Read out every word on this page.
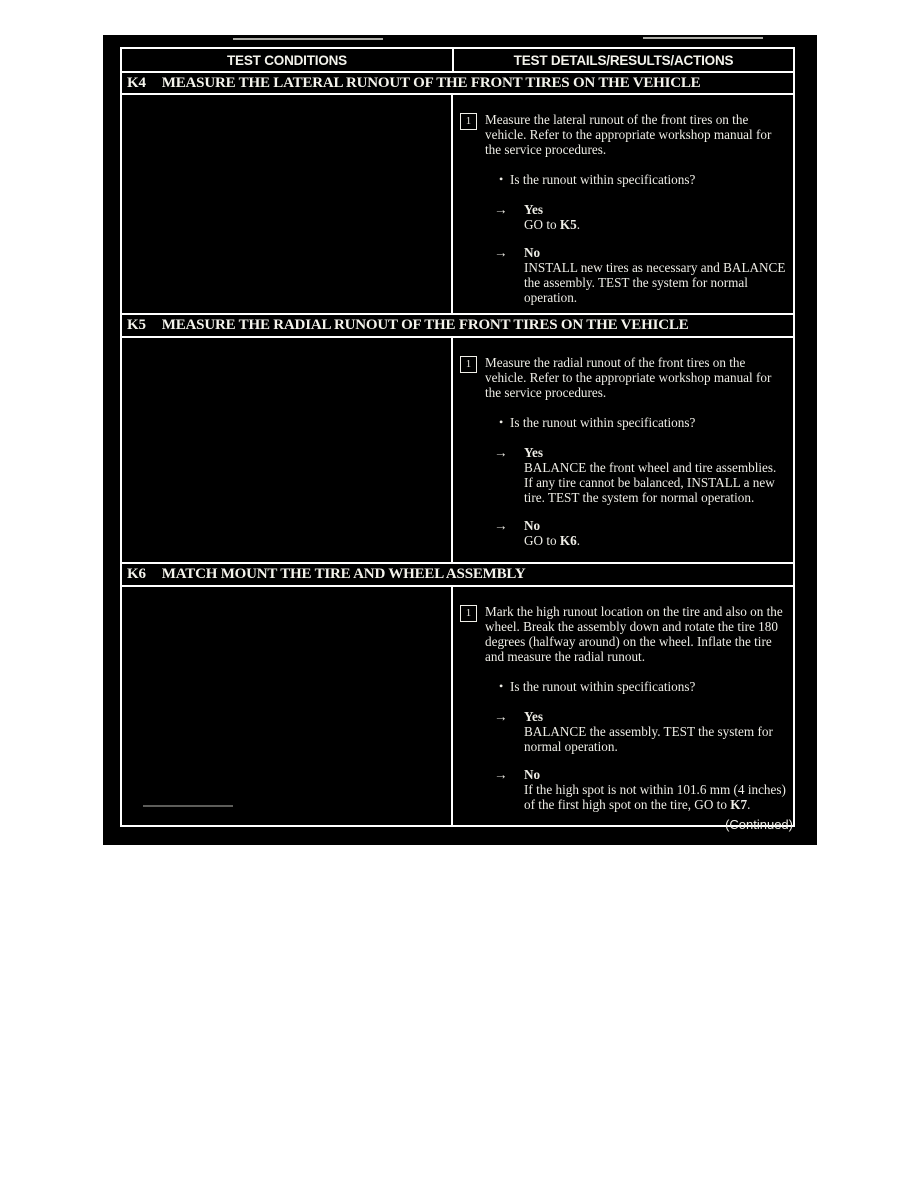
TEST CONDITIONS	TEST DETAILS/RESULTS/ACTIONS
K4 MEASURE THE LATERAL RUNOUT OF THE FRONT TIRES ON THE VEHICLE
1	Measure the lateral runout of the front tires on the vehicle. Refer to the appropriate workshop manual for the service procedures.
• Is the runout within specifications?
→	Yes
GO to K5.
→	No
INSTALL new tires as necessary and BALANCE the assembly. TEST the system for normal operation.
K5 MEASURE THE RADIAL RUNOUT OF THE FRONT TIRES ON THE VEHICLE
1	Measure the radial runout of the front tires on the vehicle. Refer to the appropriate workshop manual for the service procedures.
• Is the runout within specifications?
→	Yes
BALANCE the front wheel and tire assemblies. If any tire cannot be balanced, INSTALL a new tire. TEST the system for normal operation.
→	No
GO to K6.
K6 MATCH MOUNT THE TIRE AND WHEEL ASSEMBLY
1	Mark the high runout location on the tire and also on the wheel. Break the assembly down and rotate the tire 180 degrees (halfway around) on the wheel. Inflate the tire and measure the radial runout.
• Is the runout within specifications?
→	Yes
BALANCE the assembly. TEST the system for normal operation.
→	No
If the high spot is not within 101.6 mm (4 inches) of the first high spot on the tire, GO to K7.
(Continued)
